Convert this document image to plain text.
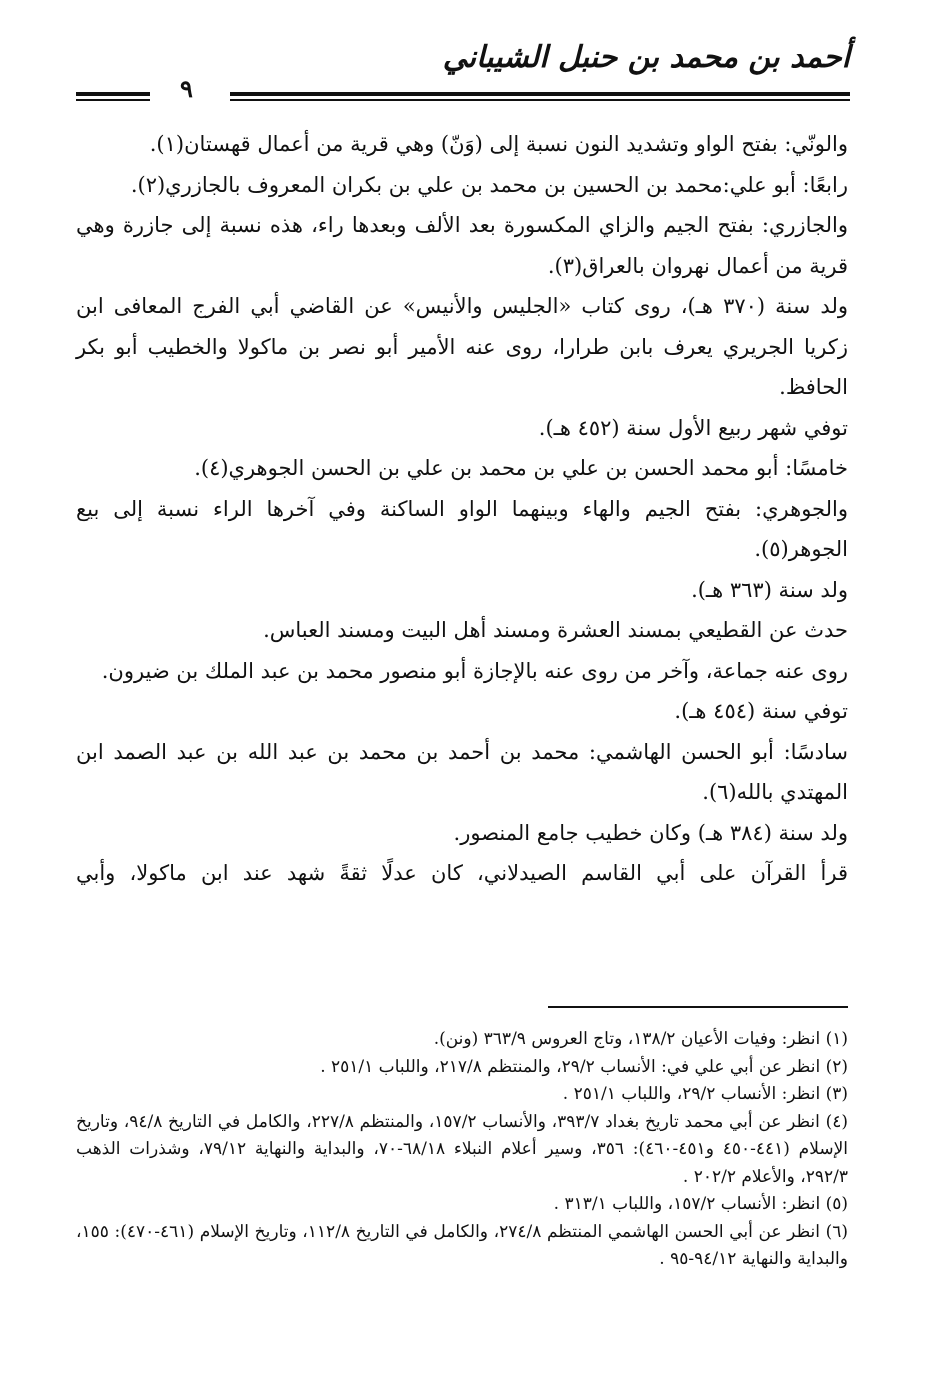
أحمد بن محمد بن حنبل الشيباني
٩

والونّي: بفتح الواو وتشديد النون نسبة إلى (وَنّ) وهي قرية من أعمال قهستان(١).

رابعًا: أبو علي:محمد بن الحسين بن محمد بن علي بن بكران المعروف بالجازري(٢).

والجازري: بفتح الجيم والزاي المكسورة بعد الألف وبعدها راء، هذه نسبة إلى جازرة وهي قرية من أعمال نهروان بالعراق(٣).

ولد سنة (٣٧٠ هـ)، روى كتاب «الجليس والأنيس» عن القاضي أبي الفرج المعافى ابن زكريا الجريري يعرف بابن طرارا، روى عنه الأمير أبو نصر بن ماكولا والخطيب أبو بكر الحافظ.

توفي شهر ربيع الأول سنة (٤٥٢ هـ).

خامسًا: أبو محمد الحسن بن علي بن محمد بن علي بن الحسن الجوهري(٤).

والجوهري: بفتح الجيم والهاء وبينهما الواو الساكنة وفي آخرها الراء نسبة إلى بيع الجوهر(٥).

ولد سنة (٣٦٣ هـ).

حدث عن القطيعي بمسند العشرة ومسند أهل البيت ومسند العباس.

روى عنه جماعة، وآخر من روى عنه بالإجازة أبو منصور محمد بن عبد الملك بن ضيرون.

توفي سنة (٤٥٤ هـ).

سادسًا: أبو الحسن الهاشمي: محمد بن أحمد بن محمد بن عبد الله بن عبد الصمد ابن المهتدي بالله(٦).

ولد سنة (٣٨٤ هـ) وكان خطيب جامع المنصور.

قرأ القرآن على أبي القاسم الصيدلاني، كان عدلًا ثقةً شهد عند ابن ماكولا، وأبي

(١) انظر: وفيات الأعيان ١٣٨/٢، وتاج العروس ٣٦٣/٩ (ونن).

(٢) انظر عن أبي علي في: الأنساب ٢٩/٢، والمنتظم ٢١٧/٨، واللباب ٢٥١/١ .

(٣) انظر: الأنساب ٢٩/٢، واللباب ٢٥١/١ .

(٤) انظر عن أبي محمد تاريخ بغداد ٣٩٣/٧، والأنساب ١٥٧/٢، والمنتظم ٢٢٧/٨، والكامل في التاريخ ٩٤/٨، وتاريخ الإسلام (٤٤١-٤٥٠ و٤٥١-٤٦٠): ٣٥٦، وسير أعلام النبلاء ٦٨/١٨-٧٠، والبداية والنهاية ٧٩/١٢، وشذرات الذهب ٢٩٢/٣، والأعلام ٢٠٢/٢ .

(٥) انظر: الأنساب ١٥٧/٢، واللباب ٣١٣/١ .

(٦) انظر عن أبي الحسن الهاشمي المنتظم ٢٧٤/٨، والكامل في التاريخ ١١٢/٨، وتاريخ الإسلام (٤٦١-٤٧٠): ١٥٥، والبداية والنهاية ٩٤/١٢-٩٥ .
